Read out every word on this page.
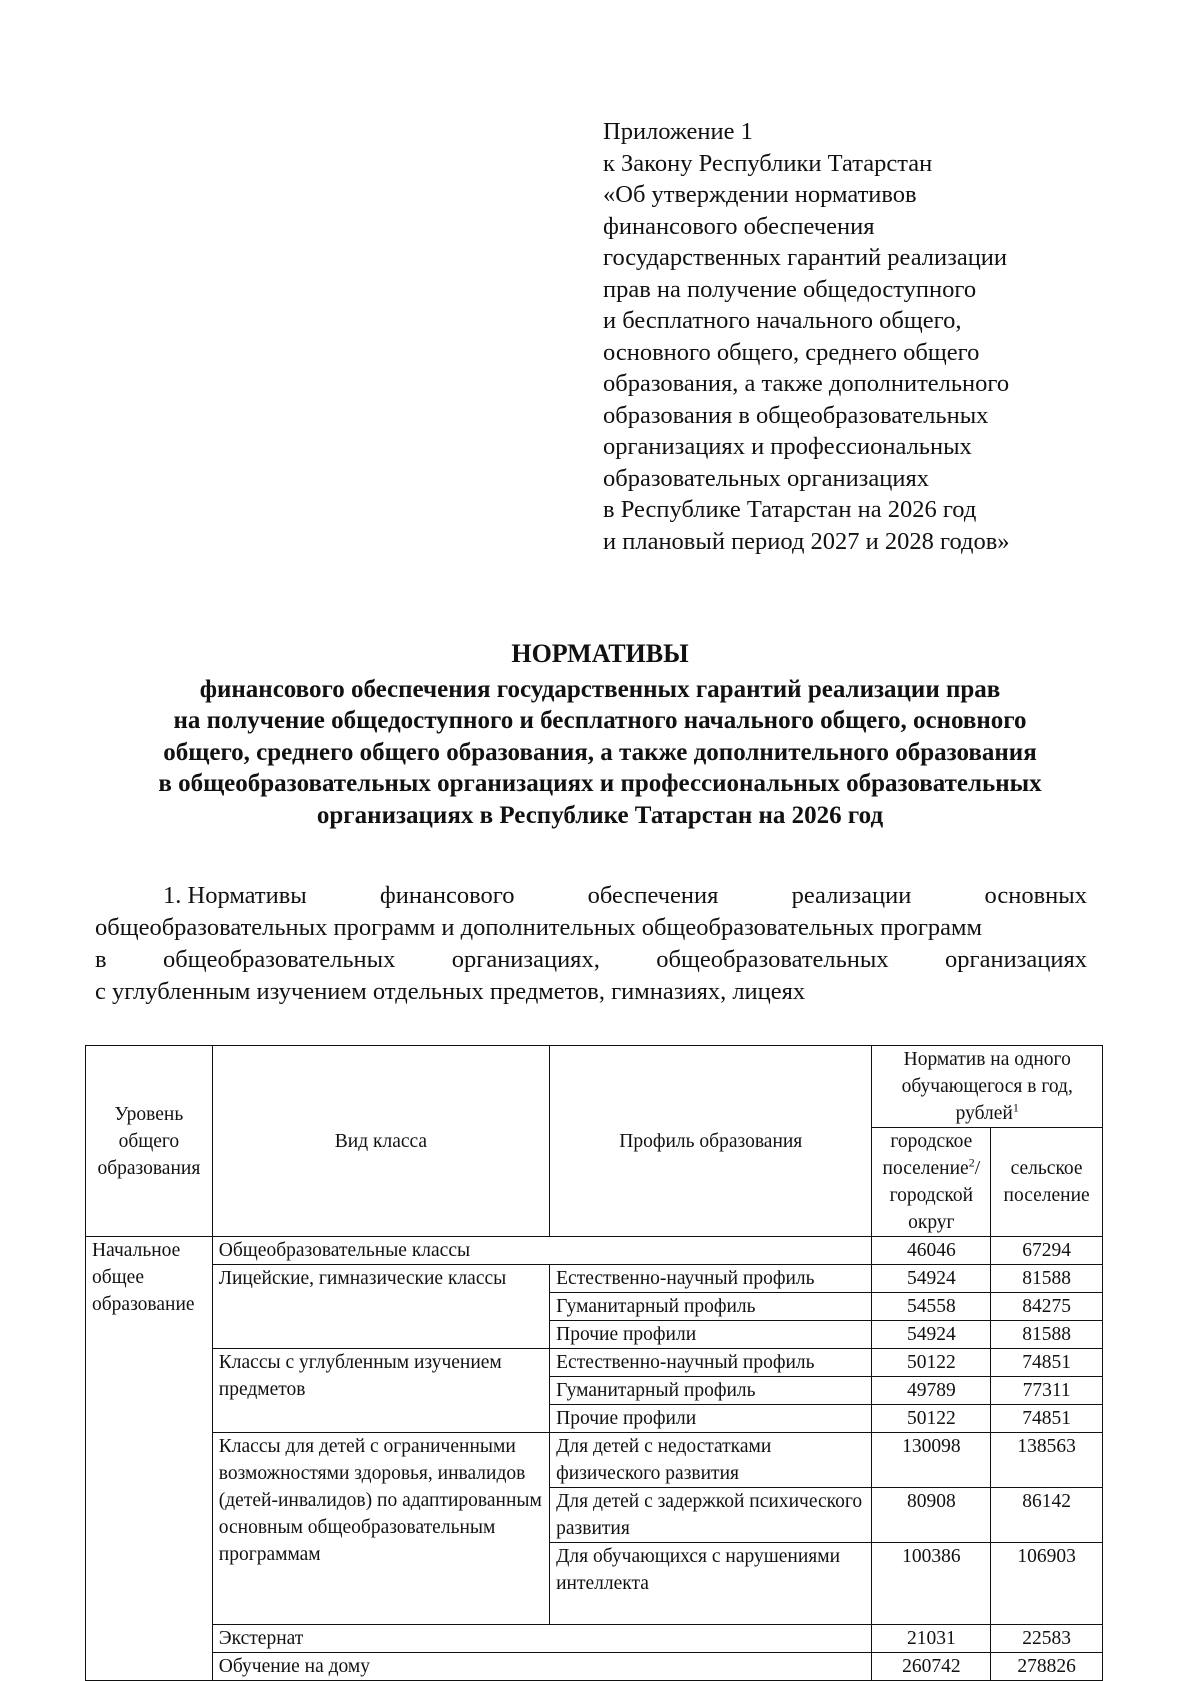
Приложение 1
к Закону Республики Татарстан
«Об утверждении нормативов
финансового обеспечения
государственных гарантий реализации
прав на получение общедоступного
и бесплатного начального общего,
основного общего, среднего общего
образования, а также дополнительного
образования в общеобразовательных
организациях и профессиональных
образовательных организациях
в Республике Татарстан на 2026 год
и плановый период 2027 и 2028 годов»
НОРМАТИВЫ
финансового обеспечения государственных гарантий реализации прав
на получение общедоступного и бесплатного начального общего, основного
общего, среднего общего образования, а также дополнительного образования
в общеобразовательных организациях и профессиональных образовательных
организациях в Республике Татарстан на 2026 год
1. Нормативы	финансового	обеспечения	реализации	основных
общеобразовательных программ и дополнительных общеобразовательных программ
в общеобразовательных организациях, общеобразовательных организациях
с углубленным изучением отдельных предметов, гимназиях, лицеях
Уровень общего образования	Вид класса	Профиль образования	Норматив на одного обучающегося в год, рублей$^1$
			городское поселение$^2$/ городской округ	сельское поселение
Начальное общее образование	Общеобразовательные классы		46046	67294
	Лицейские, гимназические классы	Естественно-научный профиль	54924	81588
		Гуманитарный профиль	54558	84275
		Прочие профили	54924	81588
	Классы с углубленным изучением предметов	Естественно-научный профиль	50122	74851
		Гуманитарный профиль	49789	77311
		Прочие профили	50122	74851
	Классы для детей с ограниченными возможностями здоровья, инвалидов (детей-инвалидов) по адаптированным основным общеобразовательным программам	Для детей с недостатками физического развития	130098	138563
		Для детей с задержкой психического развития	80908	86142
		Для обучающихся с нарушениями интеллекта	100386	106903
	Экстернат		21031	22583
	Обучение на дому		260742	278826
